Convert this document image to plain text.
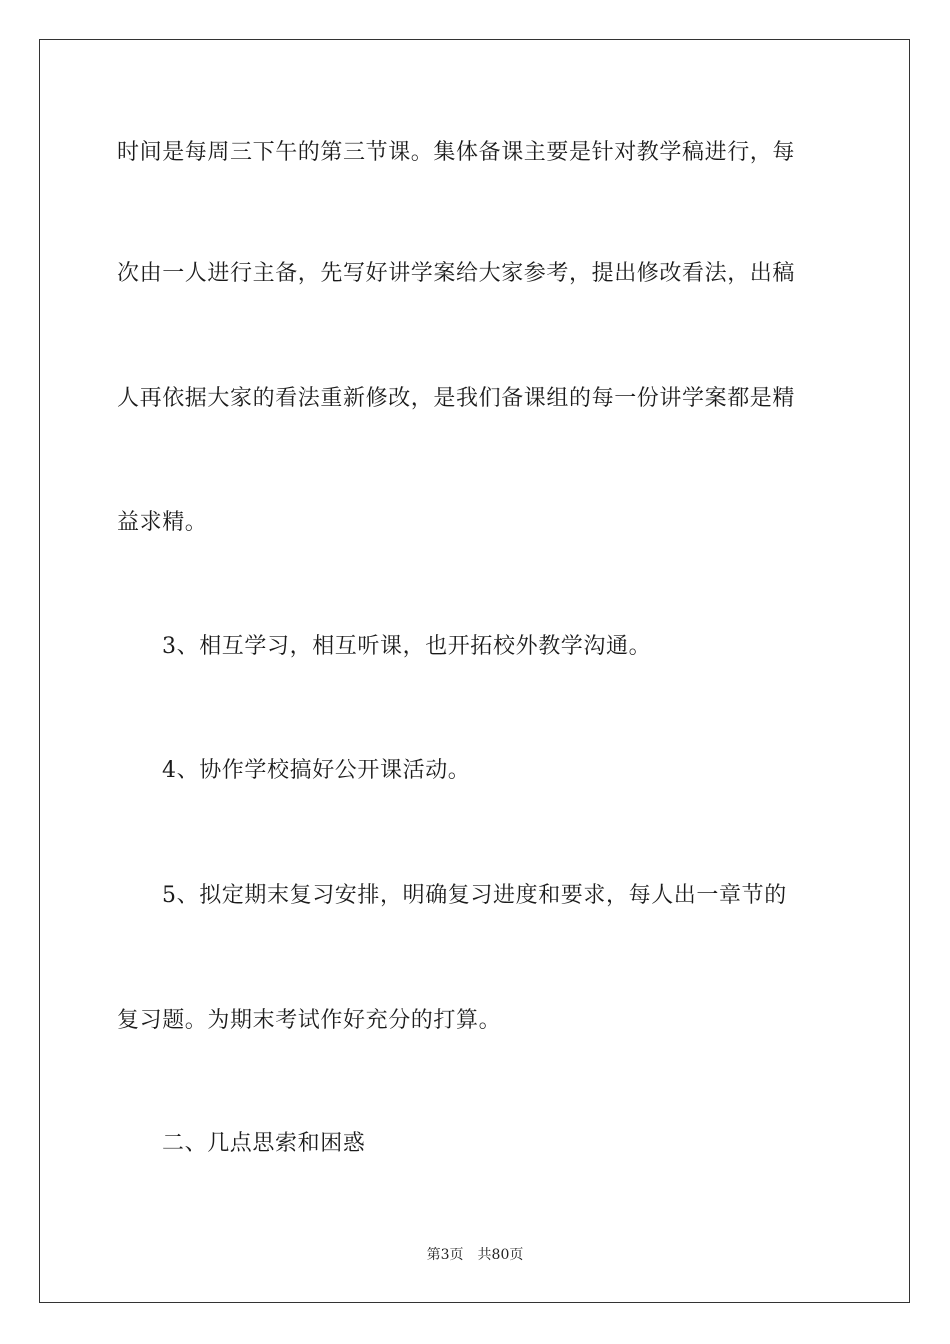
时间是每周三下午的第三节课。集体备课主要是针对教学稿进行，每
次由一人进行主备，先写好讲学案给大家参考，提出修改看法，出稿
人再依据大家的看法重新修改，是我们备课组的每一份讲学案都是精
益求精。
3、相互学习，相互听课，也开拓校外教学沟通。
4、协作学校搞好公开课活动。
5、拟定期末复习安排，明确复习进度和要求，每人出一章节的
复习题。为期末考试作好充分的打算。
二、几点思索和困惑
第3页 共80页
